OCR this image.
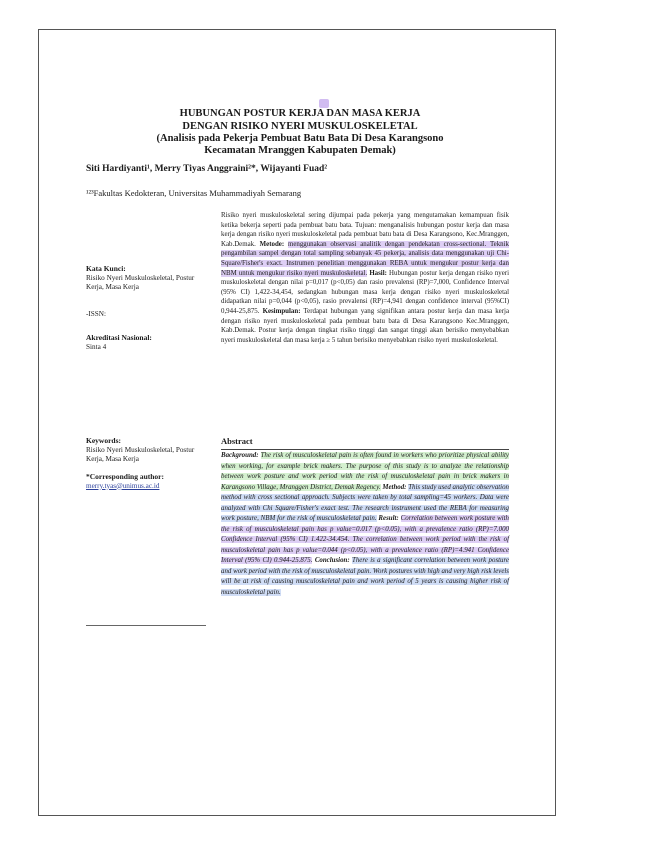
HUBUNGAN POSTUR KERJA DAN MASA KERJA
DENGAN RISIKO NYERI MUSKULOSKELETAL
(Analisis pada Pekerja Pembuat Batu Bata Di Desa Karangsono
Kecamatan Mranggen Kabupaten Demak)
Siti Hardiyanti¹, Merry Tiyas Anggraini²*, Wijayanti Fuad²
¹²³Fakultas Kedokteran, Universitas Muhammadiyah Semarang
Kata Kunci:
Risiko Nyeri Muskuloskeletal, Postur Kerja, Masa Kerja
-ISSN:
Akreditasi Nasional:
Sinta 4
Keywords:
Risiko Nyeri Muskuloskeletal, Postur Kerja, Masa Kerja
*Corresponding author:
merry.tyas@unimus.ac.id
Risiko nyeri muskuloskeletal sering dijumpai pada pekerja yang mengutamakan kemampuan fisik ketika bekerja seperti pada pembuat batu bata. Tujuan: menganalisis hubungan postur kerja dan masa kerja dengan risiko nyeri muskuloskeletal pada pembuat batu bata di Desa Karangsono, Kec.Mranggen, Kab.Demak. Metode: menggunakan observasi analitik dengan pendekatan cross-sectional. Teknik pengambilan sampel dengan total sampling sebanyak 45 pekerja, analisis data menggunakan uji Chi-Square/Fisher's exact. Instrumen penelitian menggunakan REBA untuk mengukur postur kerja dan NBM untuk mengukur risiko nyeri muskuloskeletal. Hasil: Hubungan postur kerja dengan risiko nyeri muskuloskeletal dengan nilai p=0,017 (p<0,05) dan rasio prevalensi (RP)=7,000, Confidence Interval (95% CI) 1,422-34,454, sedangkan hubungan masa kerja dengan risiko nyeri muskuloskeletal didapatkan nilai p=0,044 (p<0,05), rasio prevalensi (RP)=4,941 dengan confidence interval (95%CI) 0,944-25,875. Kesimpulan: Terdapat hubungan yang signifikan antara postur kerja dan masa kerja dengan risiko nyeri muskuloskeletal pada pembuat batu bata di Desa Karangsono Kec.Mranggen, Kab.Demak. Postur kerja dengan tingkat risiko tinggi dan sangat tinggi akan berisiko menyebabkan nyeri muskuloskeletal dan masa kerja ≥ 5 tahun berisiko menyebabkan risiko nyeri muskuloskeletal.
Abstract
Background: The risk of musculoskeletal pain is often found in workers who prioritize physical ability when working, for example brick makers. The purpose of this study is to analyze the relationship between work posture and work period with the risk of musculoskeletal pain in brick makers in Karangsono Village, Mranggen District, Demak Regency. Method: This study used analytic observation method with cross sectional approach. Subjects were taken by total sampling=45 workers. Data were analyzed with Chi Square/Fisher's exact test. The research instrument used the REBA for measuring work posture, NBM for the risk of musculoskeletal pain. Result: Correlation between work posture with the risk of musculoskeletal pain has p value=0.017 (p<0.05), with a prevalence ratio (RP)=7.000 Confidence Interval (95% CI) 1.422-34.454. The correlation between work period with the risk of musculoskeletal pain has p value=0.044 (p<0.05), with a prevalence ratio (RP)=4.941 Confidence Interval (95% CI) 0.944-25.875. Conclusion: There is a significant correlation between work posture and work period with the risk of musculoskeletal pain. Work postures with high and very high risk levels will be at risk of causing musculoskeletal pain and work period of 5 years is causing higher risk of musculoskeletal pain.
